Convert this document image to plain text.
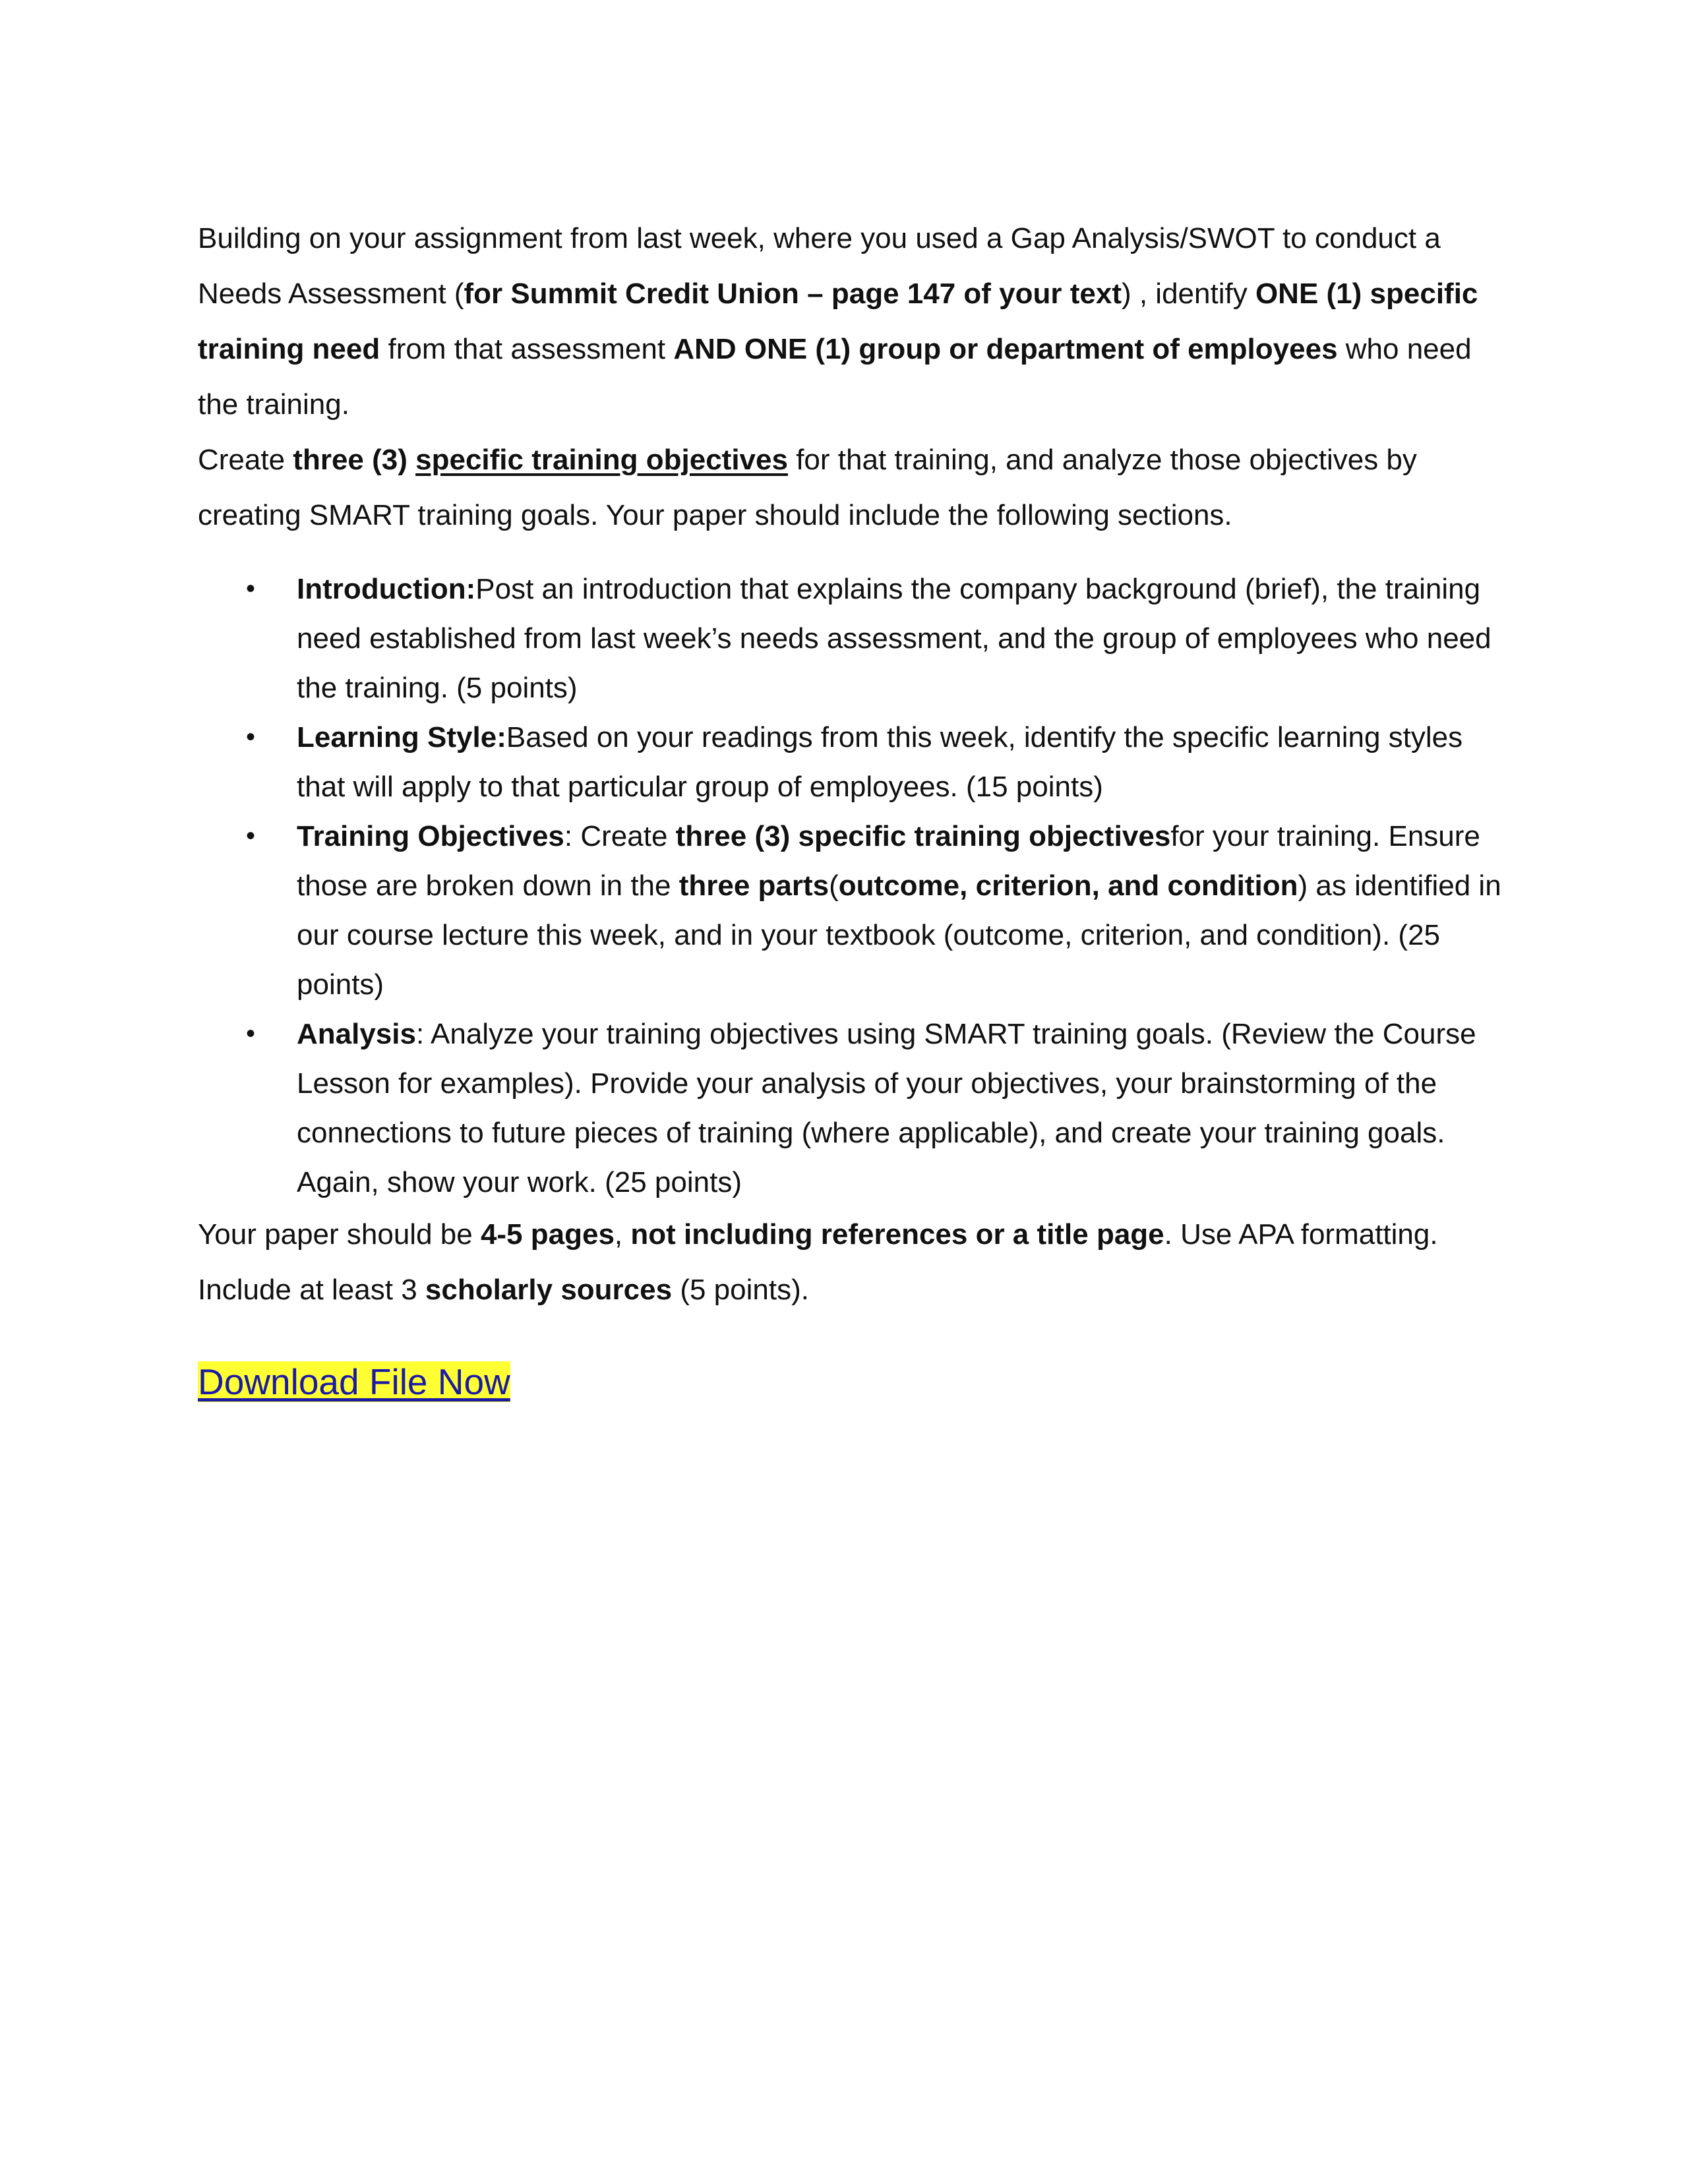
Building on your assignment from last week, where you used a Gap Analysis/SWOT to conduct a Needs Assessment (for Summit Credit Union – page 147 of your text) , identify ONE (1) specific training need from that assessment AND ONE (1) group or department of employees who need the training.

Create three (3) specific training objectives for that training, and analyze those objectives by creating SMART training goals. Your paper should include the following sections.

• Introduction:Post an introduction that explains the company background (brief), the training need established from last week’s needs assessment, and the group of employees who need the training. (5 points)
• Learning Style:Based on your readings from this week, identify the specific learning styles that will apply to that particular group of employees. (15 points)
• Training Objectives: Create three (3) specific training objectivesfor your training. Ensure those are broken down in the three parts(outcome, criterion, and condition) as identified in our course lecture this week, and in your textbook (outcome, criterion, and condition). (25 points)
• Analysis: Analyze your training objectives using SMART training goals. (Review the Course Lesson for examples). Provide your analysis of your objectives, your brainstorming of the connections to future pieces of training (where applicable), and create your training goals. Again, show your work. (25 points)

Your paper should be 4-5 pages, not including references or a title page. Use APA formatting. Include at least 3 scholarly sources (5 points).

Download File Now
